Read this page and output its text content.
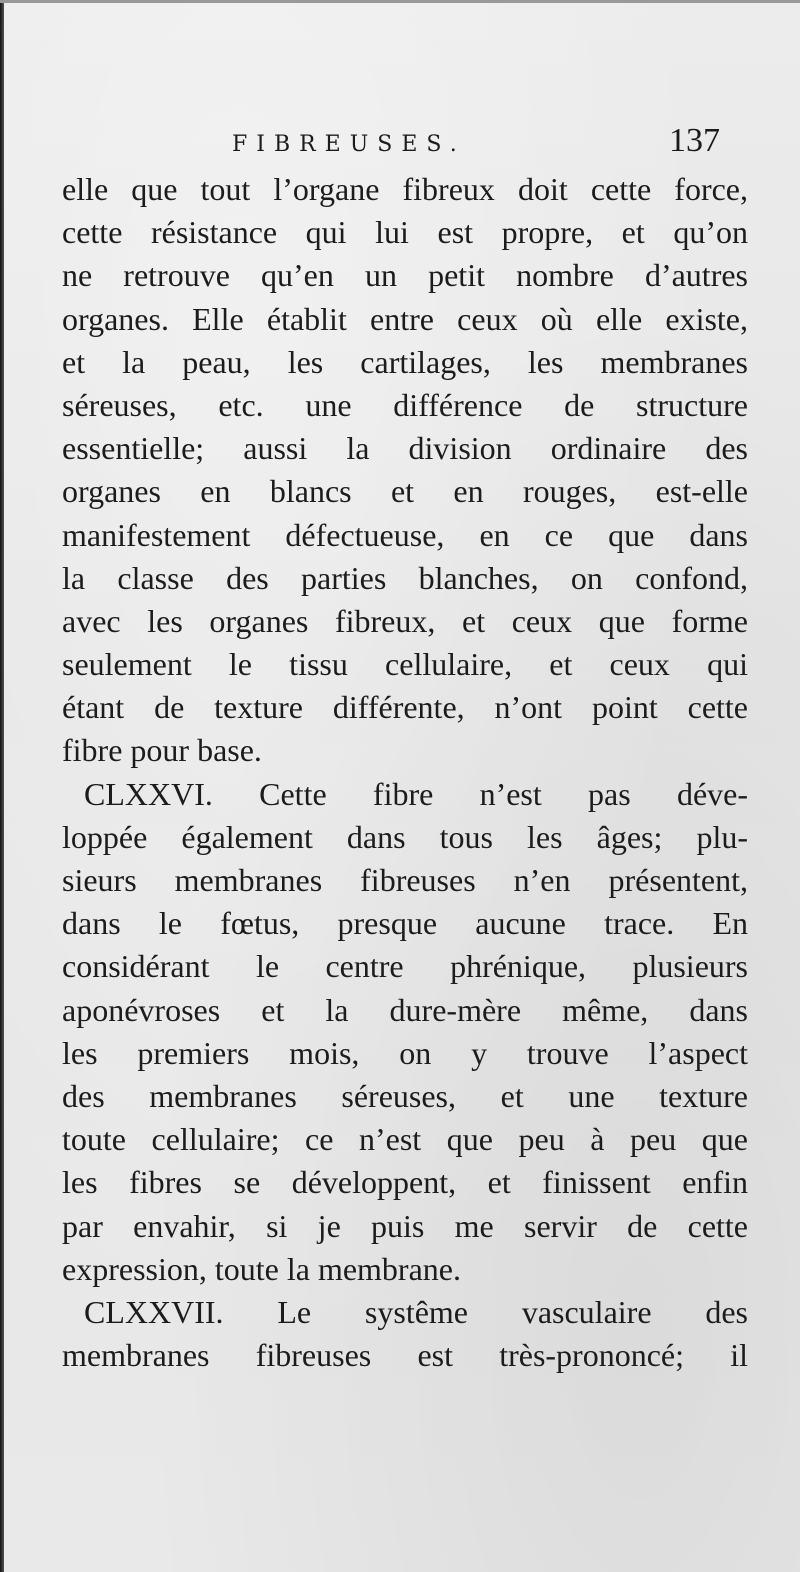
FIBREUSES.	137
elle que tout l’organe fibreux doit cette force,
cette résistance qui lui est propre, et qu’on
ne retrouve qu’en un petit nombre d’autres
organes. Elle établit entre ceux où elle existe,
et la peau, les cartilages, les membranes
séreuses, etc. une différence de structure
essentielle; aussi la division ordinaire des
organes en blancs et en rouges, est-elle
manifestement défectueuse, en ce que dans
la classe des parties blanches, on confond,
avec les organes fibreux, et ceux que forme
seulement le tissu cellulaire, et ceux qui
étant de texture différente, n’ont point cette
fibre pour base.
CLXXVI. Cette fibre n’est pas déve-
loppée également dans tous les âges; plu-
sieurs membranes fibreuses n’en présentent,
dans le fœtus, presque aucune trace. En
considérant le centre phrénique, plusieurs
aponévroses et la dure-mère même, dans
les premiers mois, on y trouve l’aspect
des membranes séreuses, et une texture
toute cellulaire; ce n’est que peu à peu que
les fibres se développent, et finissent enfin
par envahir, si je puis me servir de cette
expression, toute la membrane.
CLXXVII. Le systême vasculaire des
membranes fibreuses est très-prononcé; il
